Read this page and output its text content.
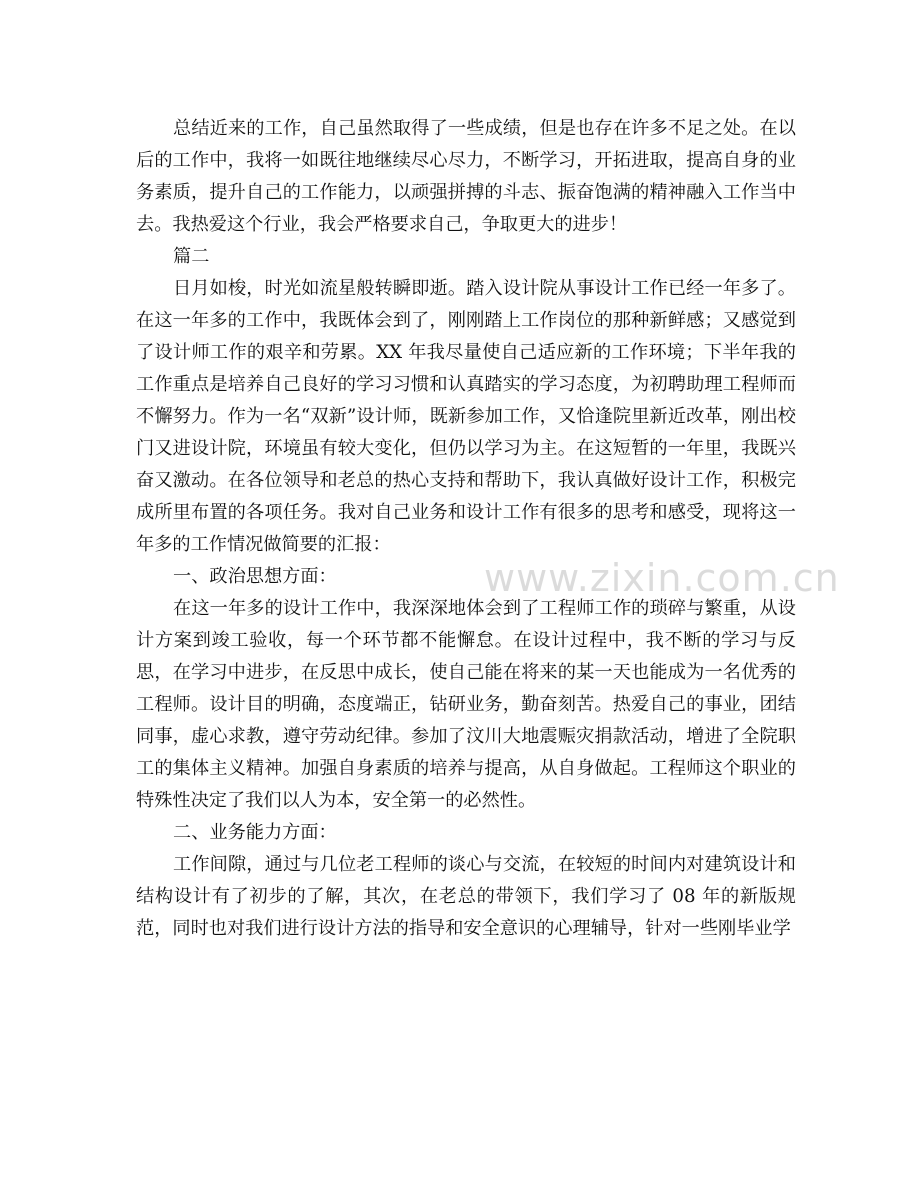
总结近来的工作，自己虽然取得了一些成绩，但是也存在许多不足之处。在以后的工作中，我将一如既往地继续尽心尽力，不断学习，开拓进取，提高自身的业务素质，提升自己的工作能力，以顽强拼搏的斗志、振奋饱满的精神融入工作当中去。我热爱这个行业，我会严格要求自己，争取更大的进步！

篇二

日月如梭，时光如流星般转瞬即逝。踏入设计院从事设计工作已经一年多了。在这一年多的工作中，我既体会到了，刚刚踏上工作岗位的那种新鲜感；又感觉到了设计师工作的艰辛和劳累。XX 年我尽量使自己适应新的工作环境；下半年我的工作重点是培养自己良好的学习习惯和认真踏实的学习态度，为初聘助理工程师而不懈努力。作为一名“双新”设计师，既新参加工作，又恰逢院里新近改革，刚出校门又进设计院，环境虽有较大变化，但仍以学习为主。在这短暂的一年里，我既兴奋又激动。在各位领导和老总的热心支持和帮助下，我认真做好设计工作，积极完成所里布置的各项任务。我对自己业务和设计工作有很多的思考和感受，现将这一年多的工作情况做简要的汇报：

一、政治思想方面：

在这一年多的设计工作中，我深深地体会到了工程师工作的琐碎与繁重，从设计方案到竣工验收，每一个环节都不能懈怠。在设计过程中，我不断的学习与反思，在学习中进步，在反思中成长，使自己能在将来的某一天也能成为一名优秀的工程师。设计目的明确，态度端正，钻研业务，勤奋刻苦。热爱自己的事业，团结同事，虚心求教，遵守劳动纪律。参加了汶川大地震赈灾捐款活动，增进了全院职工的集体主义精神。加强自身素质的培养与提高，从自身做起。工程师这个职业的特殊性决定了我们以人为本，安全第一的必然性。

二、业务能力方面：

工作间隙，通过与几位老工程师的谈心与交流，在较短的时间内对建筑设计和结构设计有了初步的了解，其次，在老总的带领下，我们学习了 08 年的新版规范，同时也对我们进行设计方法的指导和安全意识的心理辅导，针对一些刚毕业学

www.zixin.com.cn
